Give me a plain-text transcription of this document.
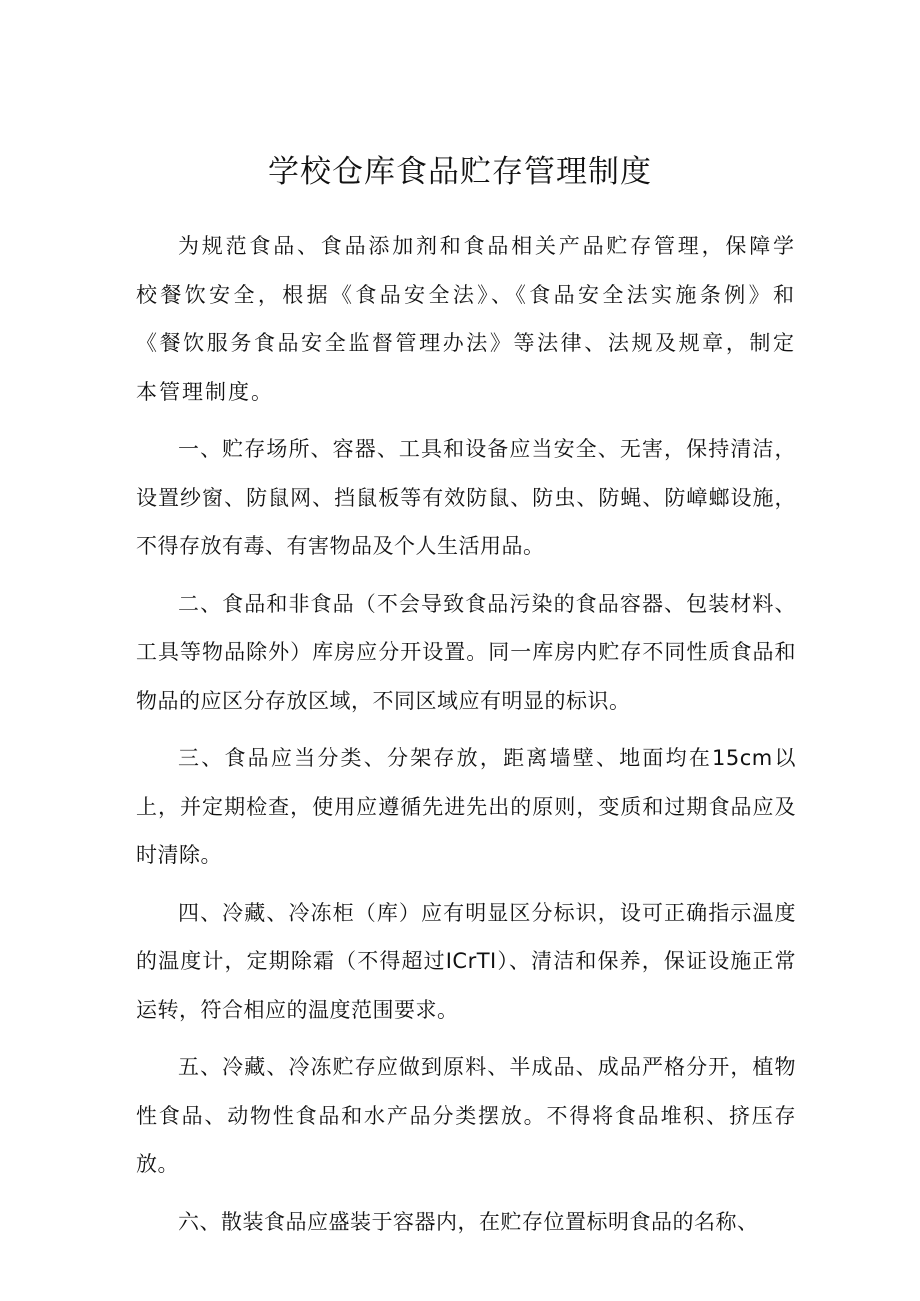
学校仓库食品贮存管理制度

为规范食品、食品添加剂和食品相关产品贮存管理，保障学校餐饮安全，根据《食品安全法》、《食品安全法实施条例》和《餐饮服务食品安全监督管理办法》等法律、法规及规章，制定本管理制度。

一、贮存场所、容器、工具和设备应当安全、无害，保持清洁，设置纱窗、防鼠网、挡鼠板等有效防鼠、防虫、防蝇、防嶂螂设施，不得存放有毒、有害物品及个人生活用品。

二、食品和非食品（不会导致食品污染的食品容器、包装材料、工具等物品除外）库房应分开设置。同一库房内贮存不同性质食品和物品的应区分存放区域，不同区域应有明显的标识。

三、食品应当分类、分架存放，距离墙壁、地面均在15cm以上，并定期检查，使用应遵循先进先出的原则，变质和过期食品应及时清除。

四、冷藏、冷冻柜（库）应有明显区分标识，设可正确指示温度的温度计，定期除霜（不得超过ICrTI）、清洁和保养，保证设施正常运转，符合相应的温度范围要求。

五、冷藏、冷冻贮存应做到原料、半成品、成品严格分开，植物性食品、动物性食品和水产品分类摆放。不得将食品堆积、挤压存放。

六、散装食品应盛装于容器内，在贮存位置标明食品的名称、
